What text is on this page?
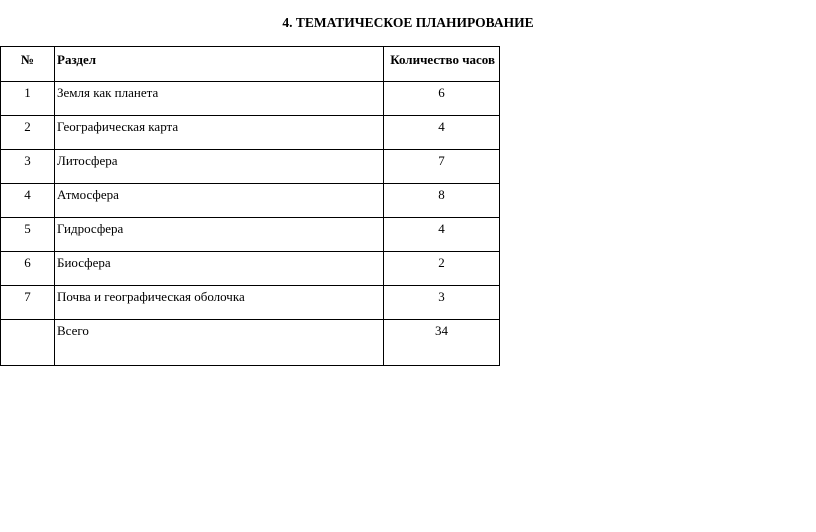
4. ТЕМАТИЧЕСКОЕ ПЛАНИРОВАНИЕ
№	Раздел	Количество часов
1	Земля как планета	6
2	Географическая карта	4
3	Литосфера	7
4	Атмосфера	8
5	Гидросфера	4
6	Биосфера	2
7	Почва и географическая оболочка	3
	Всего	34
